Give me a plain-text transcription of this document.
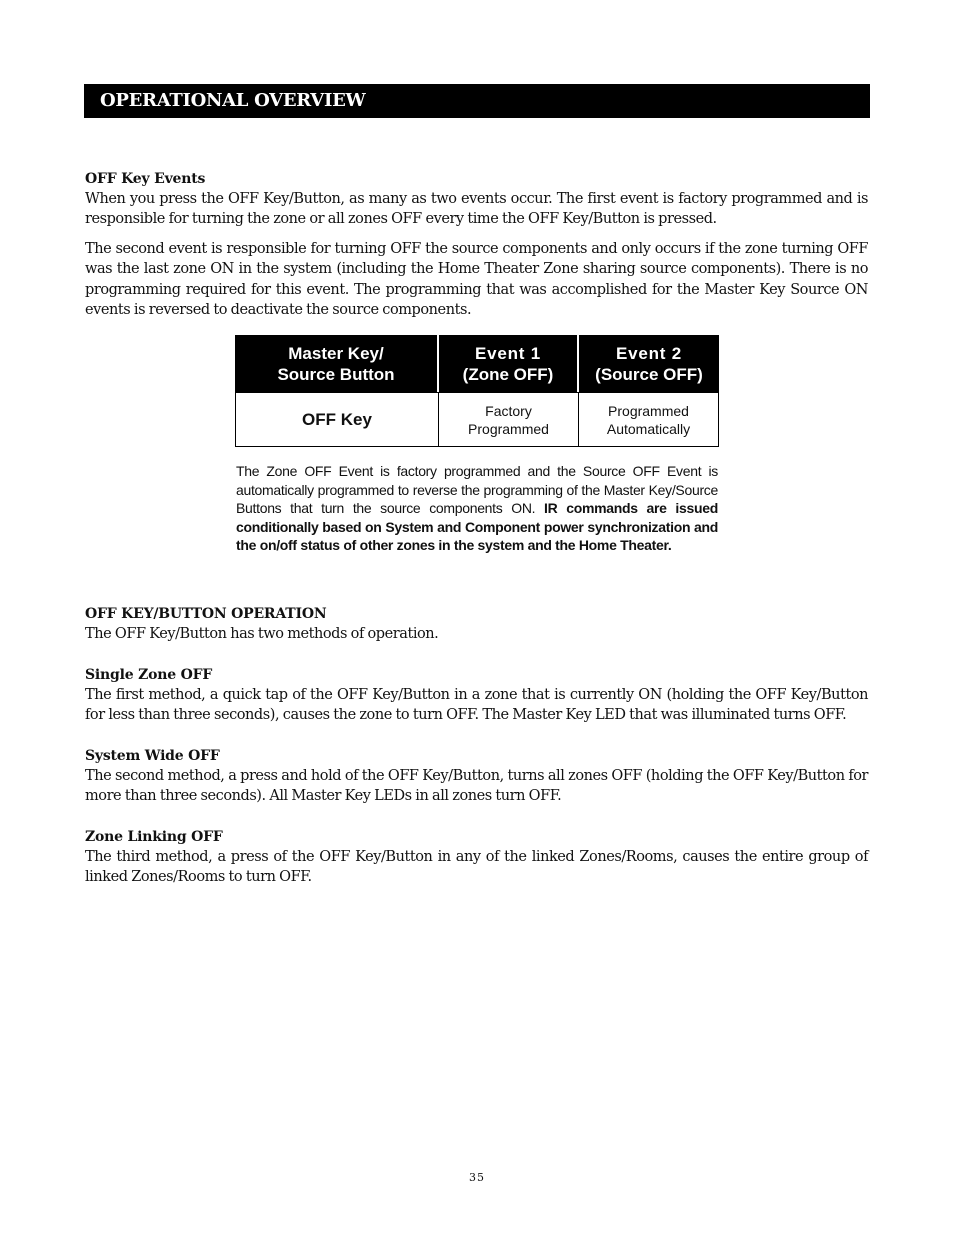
OPERATIONAL OVERVIEW
OFF Key Events
When you press the OFF Key/Button, as many as two events occur. The first event is factory programmed and is responsible for turning the zone or all zones OFF every time the OFF Key/Button is pressed.
The second event is responsible for turning OFF the source components and only occurs if the zone turning OFF was the last zone ON in the system (including the Home Theater Zone sharing source components). There is no programming required for this event. The programming that was accomplished for the Master Key Source ON events is reversed to deactivate the source components.
Master Key/
Source Button
Event 1
(Zone OFF)
Event 2
(Source OFF)
OFF Key	Factory
Programmed
Programmed
Automatically
The Zone OFF Event is factory programmed and the Source OFF Event is automatically programmed to reverse the programming of the Master Key/Source Buttons that turn the source components ON. IR commands are issued conditionally based on System and Component power synchronization and the on/off status of other zones in the system and the Home Theater.
OFF KEY/BUTTON OPERATION
The OFF Key/Button has two methods of operation.
Single Zone OFF
The first method, a quick tap of the OFF Key/Button in a zone that is currently ON (holding the OFF Key/Button for less than three seconds), causes the zone to turn OFF. The Master Key LED that was illuminated turns OFF.
System Wide OFF
The second method, a press and hold of the OFF Key/Button, turns all zones OFF (holding the OFF Key/Button for more than three seconds). All Master Key LEDs in all zones turn OFF.
Zone Linking OFF
The third method, a press of the OFF Key/Button in any of the linked Zones/Rooms, causes the entire group of linked Zones/Rooms to turn OFF.
35
